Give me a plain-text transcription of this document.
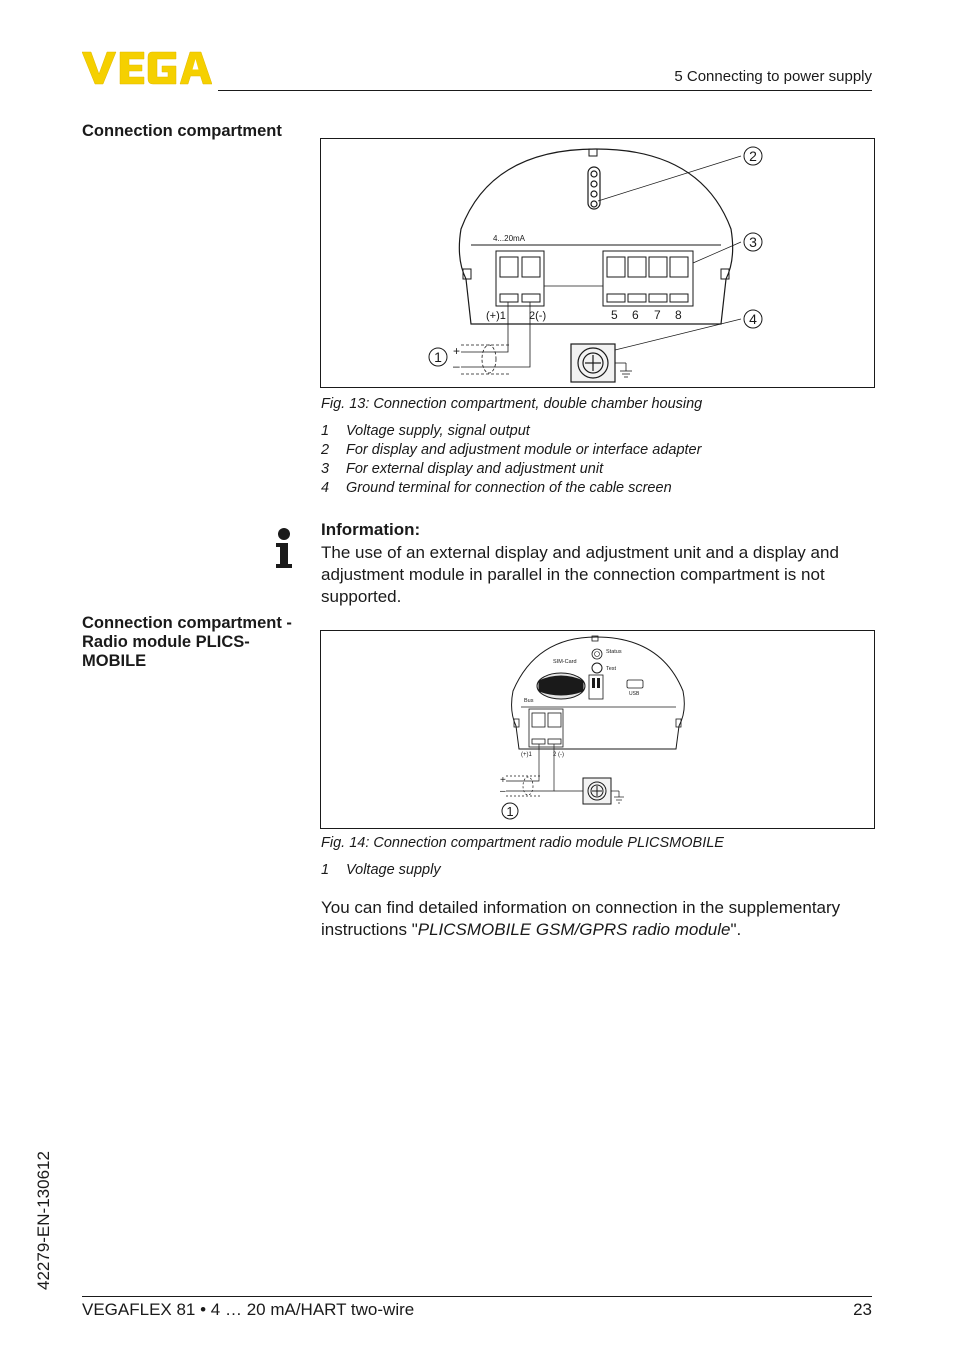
5 Connecting to power supply
Connection compartment
4...20mA
(+)1 2(-)	5 6 7 8
+
–
1
2
3
4
Fig. 13: Connection compartment, double chamber housing
1	Voltage supply, signal output
2	For display and adjustment module or interface adapter
3	For external display and adjustment unit
4	Ground terminal for connection of the cable screen
Information:
The use of an external display and adjustment unit and a display and adjustment module in parallel in the connection compartment is not supported.
Connection compartment - Radio module PLICS-MOBILE	Status
SIM-Card
Test
USB
Bus
(+)1	2 (-)
+
–
1
Fig. 14: Connection compartment radio module PLICSMOBILE
1	Voltage supply
You can find detailed information on connection in the supplementary instructions "PLICSMOBILE GSM/GPRS radio module".
42279-EN-130612
VEGAFLEX 81 • 4 … 20 mA/HART two-wire	23
